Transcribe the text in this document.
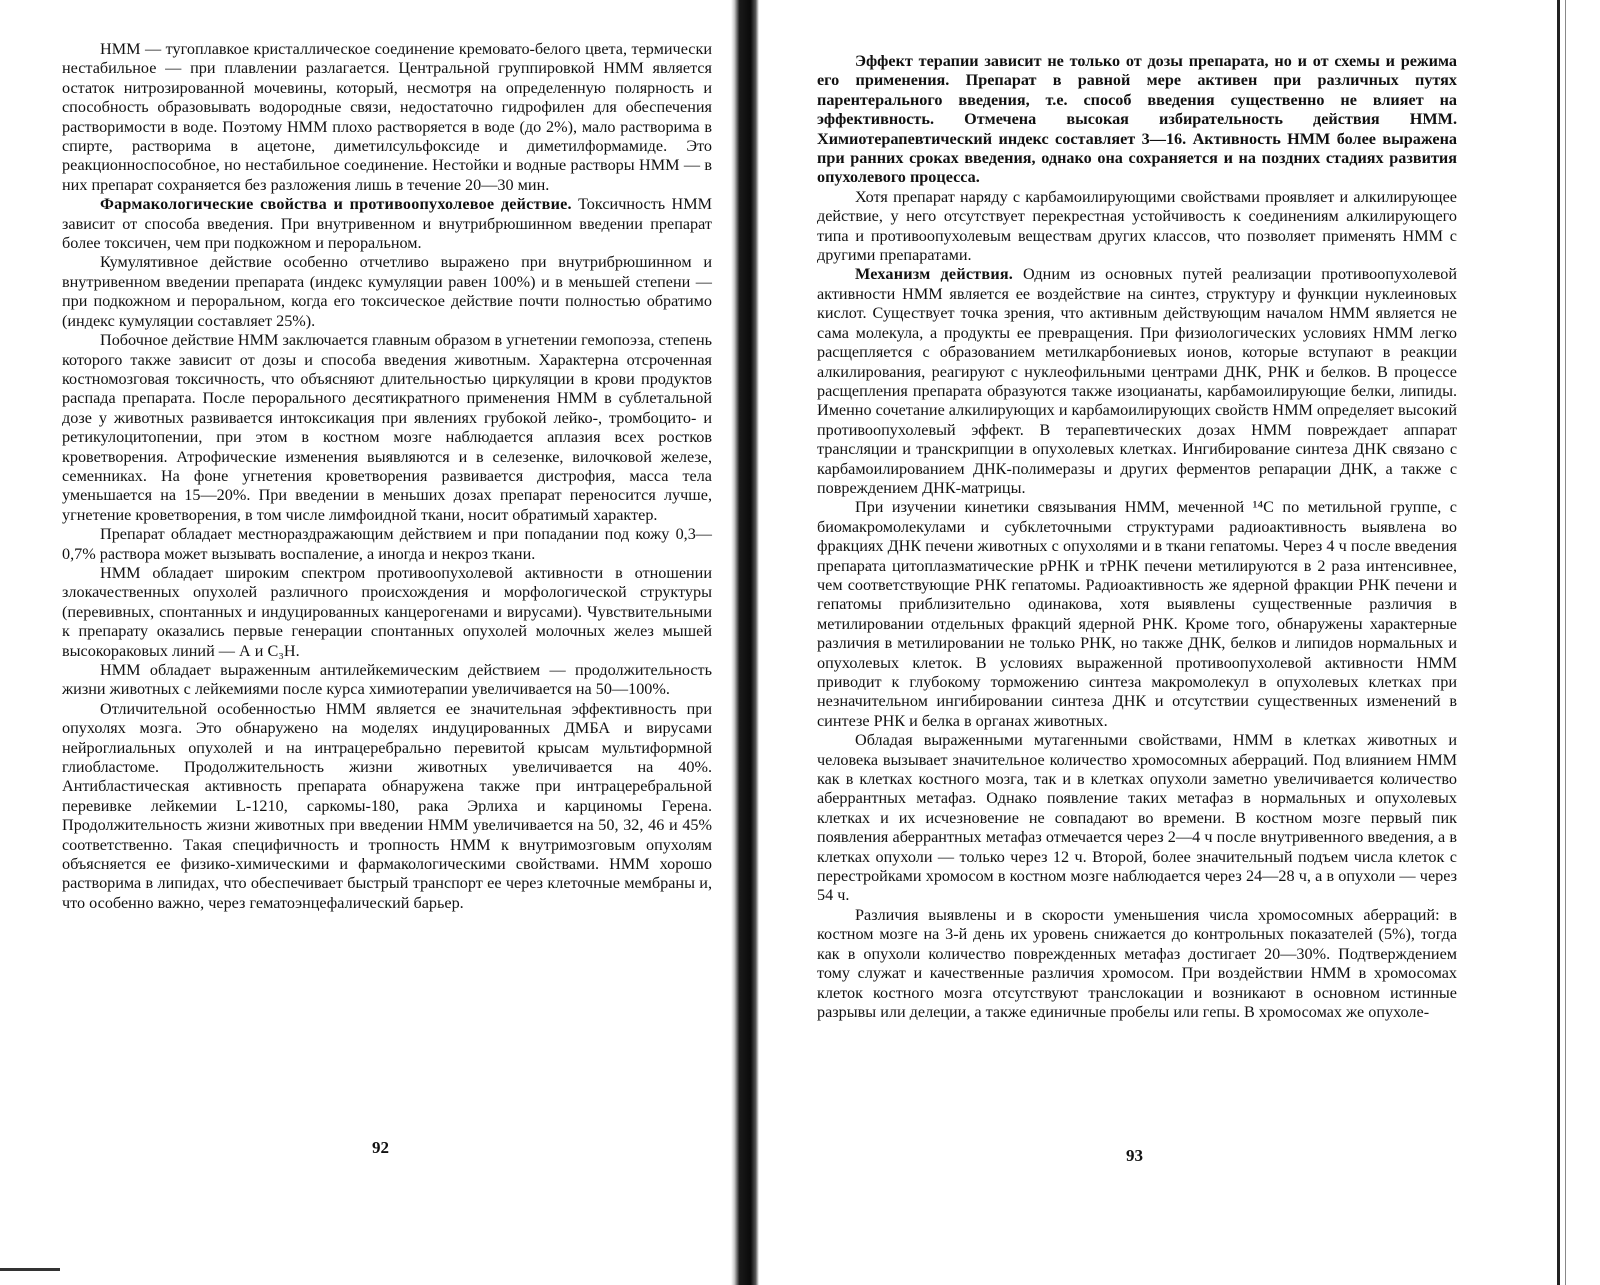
НММ — тугоплавкое кристаллическое соединение кремовато-белого цвета, термически нестабильное — при плавлении разлагается. Центральной группировкой НММ является остаток нитрозированной мочевины, который, несмотря на определенную полярность и способность образовывать водородные связи, недостаточно гидрофилен для обеспечения растворимости в воде. Поэтому НММ плохо растворяется в воде (до 2%), мало растворима в спирте, растворима в ацетоне, диметилсульфоксиде и диметилформамиде. Это реакционноспособное, но нестабильное соединение. Нестойки и водные растворы НММ — в них препарат сохраняется без разложения лишь в течение 20—30 мин.

Фармакологические свойства и противоопухолевое действие. Токсичность НММ зависит от способа введения. При внутривенном и внутрибрюшинном введении препарат более токсичен, чем при подкожном и пероральном.

Кумулятивное действие особенно отчетливо выражено при внутрибрюшинном и внутривенном введении препарата (индекс кумуляции равен 100%) и в меньшей степени — при подкожном и пероральном, когда его токсическое действие почти полностью обратимо (индекс кумуляции составляет 25%).

Побочное действие НММ заключается главным образом в угнетении гемопоэза, степень которого также зависит от дозы и способа введения животным. Характерна отсроченная костномозговая токсичность, что объясняют длительностью циркуляции в крови продуктов распада препарата. После перорального десятикратного применения НММ в сублетальной дозе у животных развивается интоксикация при явлениях грубокой лейко-, тромбоцито- и ретикулоцитопении, при этом в костном мозге наблюдается аплазия всех ростков кроветворения. Атрофические изменения выявляются и в селезенке, вилочковой железе, семенниках. На фоне угнетения кроветворения развивается дистрофия, масса тела уменьшается на 15—20%. При введении в меньших дозах препарат переносится лучше, угнетение кроветворения, в том числе лимфоидной ткани, носит обратимый характер.

Препарат обладает местнораздражающим действием и при попадании под кожу 0,3—0,7% раствора может вызывать воспаление, а иногда и некроз ткани.

НММ обладает широким спектром противоопухолевой активности в отношении злокачественных опухолей различного происхождения и морфологической структуры (перевивных, спонтанных и индуцированных канцерогенами и вирусами). Чувствительными к препарату оказались первые генерации спонтанных опухолей молочных желез мышей высокораковых линий — А и C₃H.

НММ обладает выраженным антилейкемическим действием — продолжительность жизни животных с лейкемиями после курса химиотерапии увеличивается на 50—100%.

Отличительной особенностью НММ является ее значительная эффективность при опухолях мозга. Это обнаружено на моделях индуцированных ДМБА и вирусами нейроглиальных опухолей и на интрацеребрально перевитой крысам мультиформной глиобластоме. Продолжительность жизни животных увеличивается на 40%. Антибластическая активность препарата обнаружена также при интрацеребральной перевивке лейкемии L-1210, саркомы-180, рака Эрлиха и карциномы Герена. Продолжительность жизни животных при введении НММ увеличивается на 50, 32, 46 и 45% соответственно. Такая специфичность и тропность НММ к внутримозговым опухолям объясняется ее физико-химическими и фармакологическими свойствами. НММ хорошо растворима в липидах, что обеспечивает быстрый транспорт ее через клеточные мембраны и, что особенно важно, через гематоэнцефалический барьер.

92

Эффект терапии зависит не только от дозы препарата, но и от схемы и режима его применения. Препарат в равной мере активен при различных путях парентерального введения, т.е. способ введения существенно не влияет на эффективность. Отмечена высокая избирательность действия НММ. Химиотерапевтический индекс составляет 3—16. Активность НММ более выражена при ранних сроках введения, однако она сохраняется и на поздних стадиях развития опухолевого процесса.

Хотя препарат наряду с карбамоилирующими свойствами проявляет и алкилирующее действие, у него отсутствует перекрестная устойчивость к соединениям алкилирующего типа и противоопухолевым веществам других классов, что позволяет применять НММ с другими препаратами.

Механизм действия. Одним из основных путей реализации противоопухолевой активности НММ является ее воздействие на синтез, структуру и функции нуклеиновых кислот. Существует точка зрения, что активным действующим началом НММ является не сама молекула, а продукты ее превращения. При физиологических условиях НММ легко расщепляется с образованием метилкарбониевых ионов, которые вступают в реакции алкилирования, реагируют с нуклеофильными центрами ДНК, РНК и белков. В процессе расщепления препарата образуются также изоцианаты, карбамоилирующие белки, липиды. Именно сочетание алкилирующих и карбамоилирующих свойств НММ определяет высокий противоопухолевый эффект. В терапевтических дозах НММ повреждает аппарат трансляции и транскрипции в опухолевых клетках. Ингибирование синтеза ДНК связано с карбамоилированием ДНК-полимеразы и других ферментов репарации ДНК, а также с повреждением ДНК-матрицы.

При изучении кинетики связывания НММ, меченной ¹⁴C по метильной группе, с биомакромолекулами и субклеточными структурами радиоактивность выявлена во фракциях ДНК печени животных с опухолями и в ткани гепатомы. Через 4 ч после введения препарата цитоплазматические рРНК и тРНК печени метилируются в 2 раза интенсивнее, чем соответствующие РНК гепатомы. Радиоактивность же ядерной фракции РНК печени и гепатомы приблизительно одинакова, хотя выявлены существенные различия в метилировании отдельных фракций ядерной РНК. Кроме того, обнаружены характерные различия в метилировании не только РНК, но также ДНК, белков и липидов нормальных и опухолевых клеток. В условиях выраженной противоопухолевой активности НММ приводит к глубокому торможению синтеза макромолекул в опухолевых клетках при незначительном ингибировании синтеза ДНК и отсутствии существенных изменений в синтезе РНК и белка в органах животных.

Обладая выраженными мутагенными свойствами, НММ в клетках животных и человека вызывает значительное количество хромосомных аберраций. Под влиянием НММ как в клетках костного мозга, так и в клетках опухоли заметно увеличивается количество аберрантных метафаз. Однако появление таких метафаз в нормальных и опухолевых клетках и их исчезновение не совпадают во времени. В костном мозге первый пик появления аберрантных метафаз отмечается через 2—4 ч после внутривенного введения, а в клетках опухоли — только через 12 ч. Второй, более значительный подъем числа клеток с перестройками хромосом в костном мозге наблюдается через 24—28 ч, а в опухоли — через 54 ч.

Различия выявлены и в скорости уменьшения числа хромосомных аберраций: в костном мозге на 3-й день их уровень снижается до контрольных показателей (5%), тогда как в опухоли количество поврежденных метафаз достигает 20—30%. Подтверждением тому служат и качественные различия хромосом. При воздействии НММ в хромосомах клеток костного мозга отсутствуют транслокации и возникают в основном истинные разрывы или делеции, а также единичные пробелы или гепы. В хромосомах же опухоле-

93
